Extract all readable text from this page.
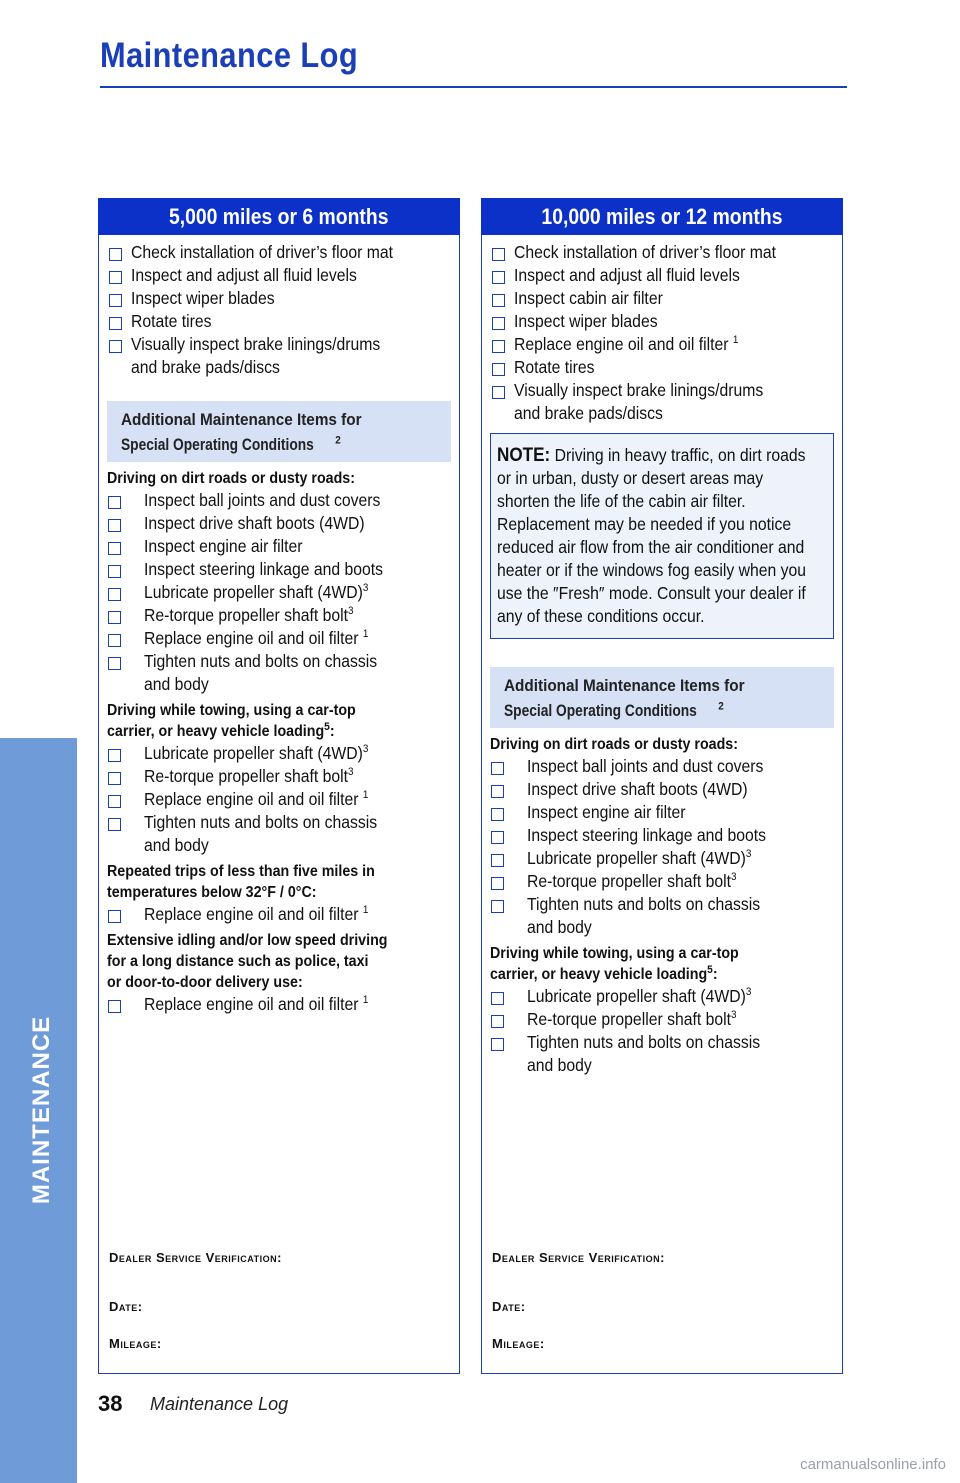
Maintenance Log
MAINTENANCE
5,000 miles or 6 months
Check installation of driver’s floor mat
Inspect and adjust all fluid levels
Inspect wiper blades
Rotate tires
Visually inspect brake linings/drums
and brake pads/discs
Additional Maintenance Items for
Special Operating Conditions $^2$
Driving on dirt roads or dusty roads:
Inspect ball joints and dust covers
Inspect drive shaft boots (4WD)
Inspect engine air filter
Inspect steering linkage and boots
Lubricate propeller shaft $(4WD)^3$
Re-torque propeller shaft bolt$^3$
Replace engine oil and oil filter $^1$
Tighten nuts and bolts on chassis
and body
Driving while towing, using a car-top
carrier, or heavy vehicle loading$^5$:
Lubricate propeller shaft $(4WD)^3$
Re-torque propeller shaft bolt$^3$
Replace engine oil and oil filter $^1$
Tighten nuts and bolts on chassis
and body
Repeated trips of less than five miles in
temperatures below 32°F / 0°C:
Replace engine oil and oil filter $^1$
Extensive idling and/or low speed driving
for a long distance such as police, taxi
or door-to-door delivery use:
Replace engine oil and oil filter $^1$
Dealer Service Verification:
Date:
Mileage:
10,000 miles or 12 months
Check installation of driver’s floor mat
Inspect and adjust all fluid levels
Inspect cabin air filter
Inspect wiper blades
Replace engine oil and oil filter $^1$
Rotate tires
Visually inspect brake linings/drums
and brake pads/discs
NOTE: Driving in heavy traffic, on dirt roads or in urban, dusty or desert areas may shorten the life of the cabin air filter. Replacement may be needed if you notice reduced air flow from the air conditioner and heater or if the windows fog easily when you use the ″Fresh″ mode. Consult your dealer if any of these conditions occur.
Additional Maintenance Items for
Special Operating Conditions $^2$
Driving on dirt roads or dusty roads:
Inspect ball joints and dust covers
Inspect drive shaft boots (4WD)
Inspect engine air filter
Inspect steering linkage and boots
Lubricate propeller shaft $(4WD)^3$
Re-torque propeller shaft bolt$^3$
Tighten nuts and bolts on chassis
and body
Driving while towing, using a car-top
carrier, or heavy vehicle loading$^5$:
Lubricate propeller shaft $(4WD)^3$
Re-torque propeller shaft bolt$^3$
Tighten nuts and bolts on chassis
and body
Dealer Service Verification:
Date:
Mileage:
38 Maintenance Log
carmanualsonline.info
